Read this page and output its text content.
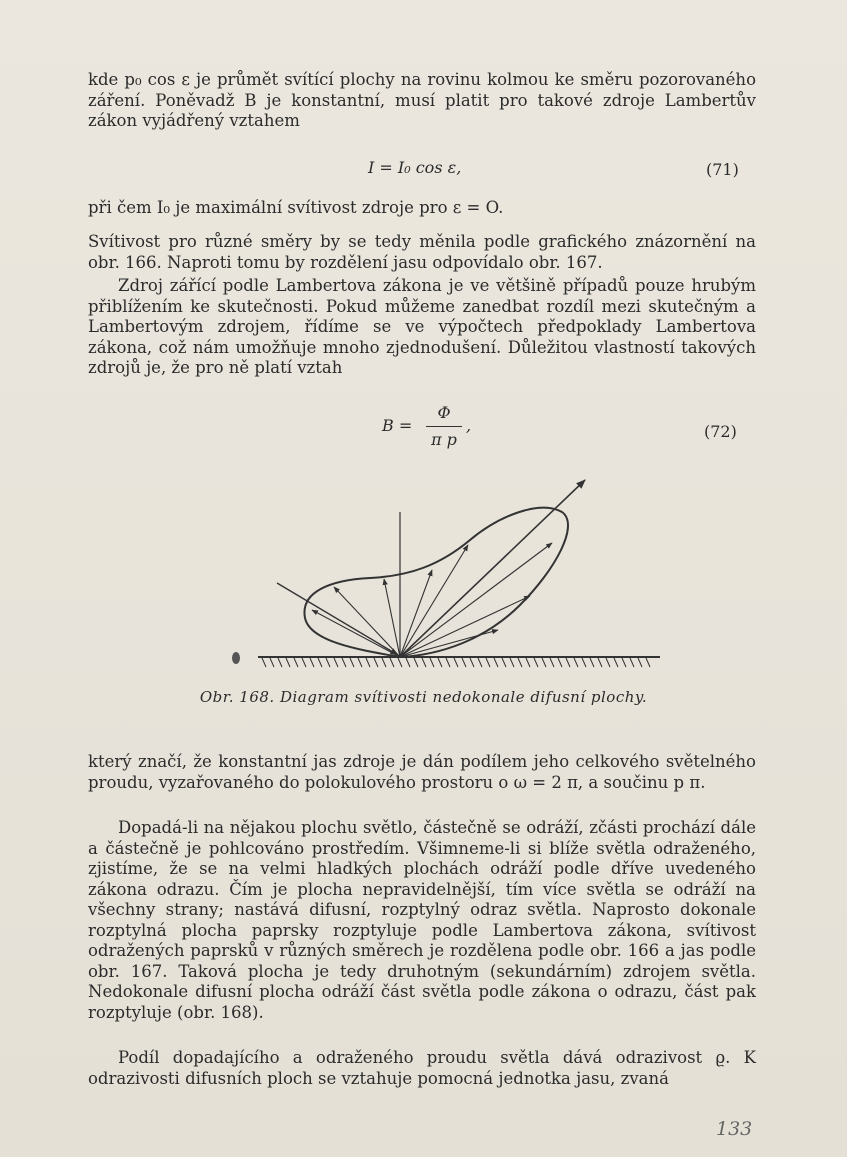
kde p₀ cos ε je průmět svítící plochy na rovinu kolmou ke směru pozorovaného záření. Poněvadž B je konstantní, musí platit pro takové zdroje Lambertův zákon vyjádřený vztahem

I = I₀ cos ε,	(71)

při čem I₀ je maximální svítivost zdroje pro ε = O.

Svítivost pro různé směry by se tedy měnila podle grafického znázornění na obr. 166. Naproti tomu by rozdělení jasu odpovídalo obr. 167.

Zdroj zářící podle Lambertova zákona je ve většině případů pouze hrubým přiblížením ke skutečnosti. Pokud můžeme zanedbat rozdíl mezi skutečným a Lambertovým zdrojem, řídíme se ve výpočtech předpoklady Lambertova zákona, což nám umožňuje mnoho zjednodušení. Důležitou vlastností takových zdrojů je, že pro ně platí vztah

B =
Φ
π p
,	(72)
Obr. 168. Diagram svítivosti nedokonale difusní plochy.

který značí, že konstantní jas zdroje je dán podílem jeho celkového světelného proudu, vyzařovaného do polokulového prostoru o ω = 2 π, a součinu p π.

Dopadá-li na nějakou plochu světlo, částečně se odráží, zčásti prochází dále a částečně je pohlcováno prostředím. Všimneme-li si blíže světla odraženého, zjistíme, že se na velmi hladkých plochách odráží podle dříve uvedeného zákona odrazu. Čím je plocha nepravidelnější, tím více světla se odráží na všechny strany; nastává difusní, rozptylný odraz světla. Naprosto dokonale rozptylná plocha paprsky rozptyluje podle Lambertova zákona, svítivost odražených paprsků v různých směrech je rozdělena podle obr. 166 a jas podle obr. 167. Taková plocha je tedy druhotným (sekundárním) zdrojem světla. Nedokonale difusní plocha odráží část světla podle zákona o odrazu, část pak rozptyluje (obr. 168).

Podíl dopadajícího a odraženého proudu světla dává odrazivost ϱ. K odrazivosti difusních ploch se vztahuje pomocná jednotka jasu, zvaná

133
